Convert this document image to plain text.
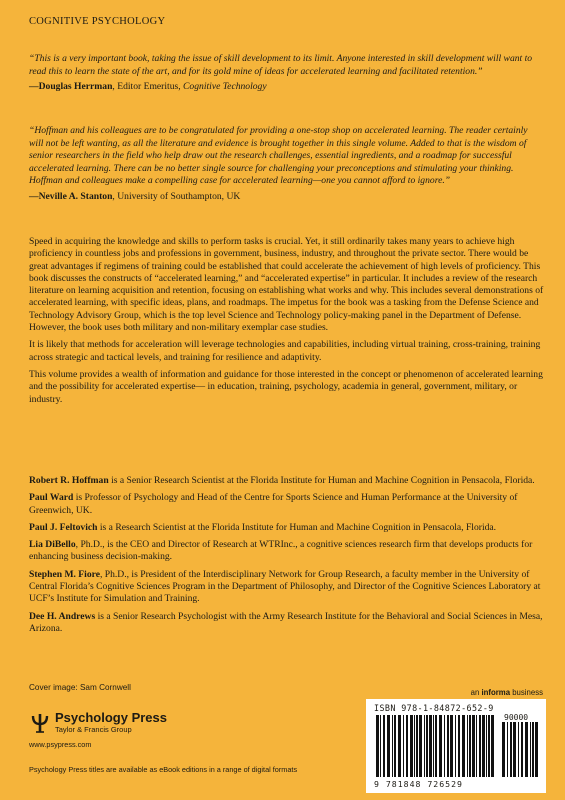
COGNITIVE PSYCHOLOGY

“This is a very important book, taking the issue of skill development to its limit. Anyone interested in skill development will want to read this to learn the state of the art, and for its gold mine of ideas for accelerated learning and facilitated retention.”

—Douglas Herrman, Editor Emeritus, Cognitive Technology

“Hoffman and his colleagues are to be congratulated for providing a one-stop shop on accelerated learning. The reader certainly will not be left wanting, as all the literature and evidence is brought together in this single volume. Added to that is the wisdom of senior researchers in the field who help draw out the research challenges, essential ingredients, and a roadmap for successful accelerated learning. There can be no better single source for challenging your preconceptions and stimulating your thinking. Hoffman and colleagues make a compelling case for accelerated learning—one you cannot afford to ignore.”

—Neville A. Stanton, University of Southampton, UK

Speed in acquiring the knowledge and skills to perform tasks is crucial. Yet, it still ordinarily takes many years to achieve high proficiency in countless jobs and professions in government, business, industry, and throughout the private sector. There would be great advantages if regimens of training could be established that could accelerate the achievement of high levels of proficiency. This book discusses the constructs of “accelerated learning,” and “accelerated expertise” in particular. It includes a review of the research literature on learning acquisition and retention, focusing on establishing what works and why. This includes several demonstrations of accelerated learning, with specific ideas, plans, and roadmaps. The impetus for the book was a tasking from the Defense Science and Technology Advisory Group, which is the top level Science and Technology policy-making panel in the Department of Defense. However, the book uses both military and non-military exemplar case studies.

It is likely that methods for acceleration will leverage technologies and capabilities, including virtual training, cross-training, training across strategic and tactical levels, and training for resilience and adaptivity.

This volume provides a wealth of information and guidance for those interested in the concept or phenomenon of accelerated learning and the possibility for accelerated expertise— in education, training, psychology, academia in general, government, military, or industry.

Robert R. Hoffman is a Senior Research Scientist at the Florida Institute for Human and Machine Cognition in Pensacola, Florida.

Paul Ward is Professor of Psychology and Head of the Centre for Sports Science and Human Performance at the University of Greenwich, UK.

Paul J. Feltovich is a Research Scientist at the Florida Institute for Human and Machine Cognition in Pensacola, Florida.

Lia DiBello, Ph.D., is the CEO and Director of Research at WTRInc., a cognitive sciences research firm that develops products for enhancing business decision-making.

Stephen M. Fiore, Ph.D., is President of the Interdisciplinary Network for Group Research, a faculty member in the University of Central Florida’s Cognitive Sciences Program in the Department of Philosophy, and Director of the Cognitive Sciences Laboratory at UCF’s Institute for Simulation and Training.

Dee H. Andrews is a Senior Research Psychologist with the Army Research Institute for the Behavioral and Social Sciences in Mesa, Arizona.

Cover image: Sam Cornwell
an informa business
Psychology Press
Taylor & Francis Group
www.psypress.com
Psychology Press titles are available as eBook editions in a range of digital formats
ISBN 978-1-84872-652-9
90000
9 781848 726529
